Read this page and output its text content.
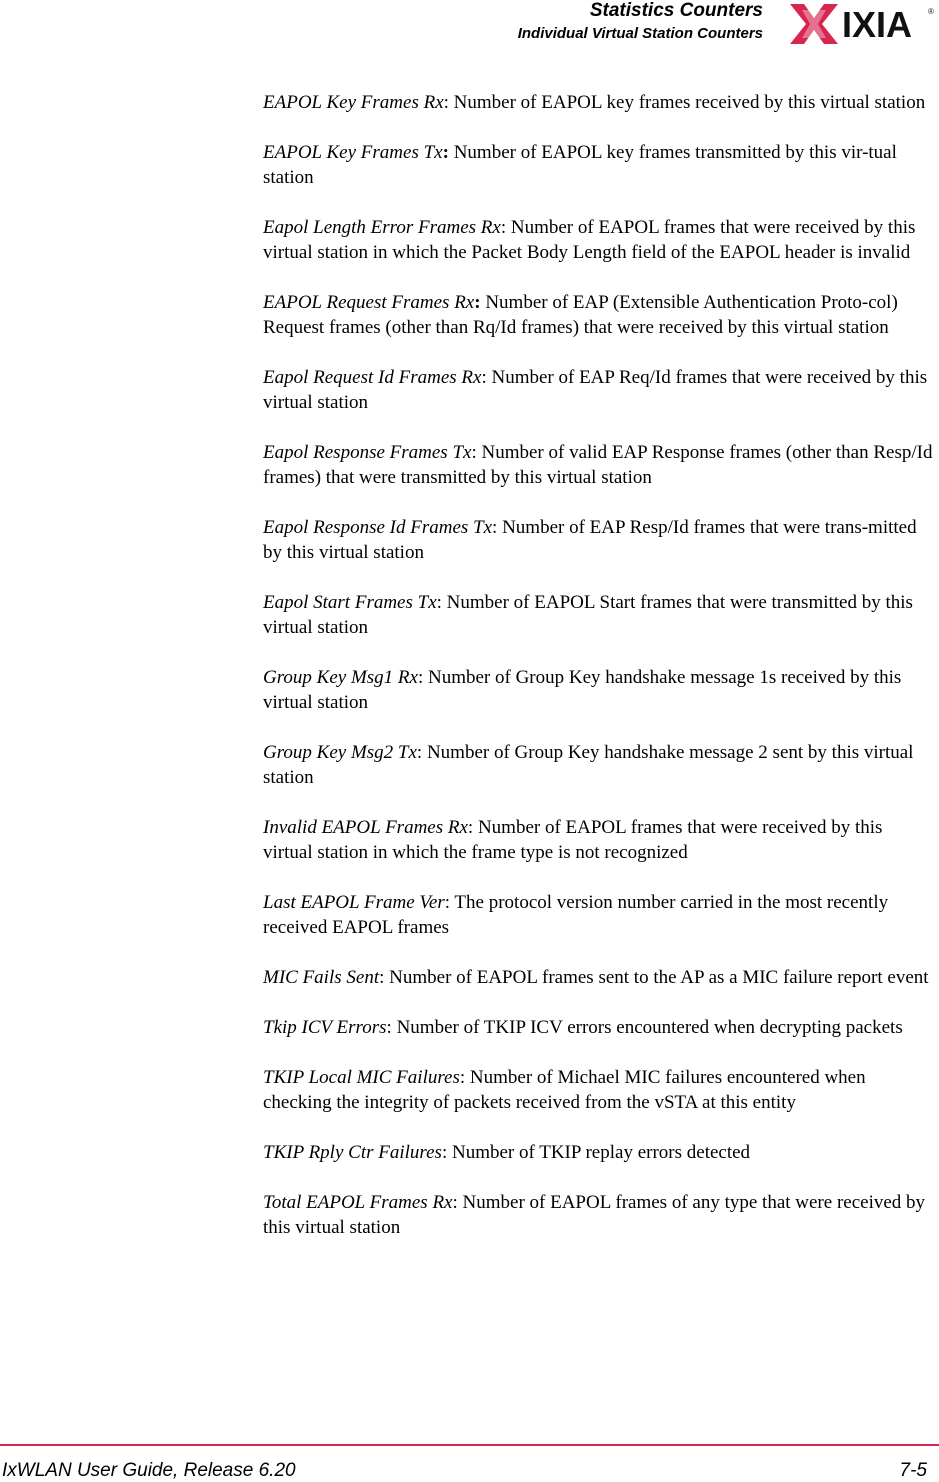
Statistics Counters
Individual Virtual Station Counters IXIA ®

EAPOL Key Frames Rx: Number of EAPOL key frames received by this virtual station

EAPOL Key Frames Tx: Number of EAPOL key frames transmitted by this vir-tual station

Eapol Length Error Frames Rx: Number of EAPOL frames that were received by this virtual station in which the Packet Body Length field of the EAPOL header is invalid

EAPOL Request Frames Rx: Number of EAP (Extensible Authentication Proto-col) Request frames (other than Rq/Id frames) that were received by this virtual station

Eapol Request Id Frames Rx: Number of EAP Req/Id frames that were received by this virtual station

Eapol Response Frames Tx: Number of valid EAP Response frames (other than Resp/Id frames) that were transmitted by this virtual station

Eapol Response Id Frames Tx: Number of EAP Resp/Id frames that were trans-mitted by this virtual station

Eapol Start Frames Tx: Number of EAPOL Start frames that were transmitted by this virtual station

Group Key Msg1 Rx: Number of Group Key handshake message 1s received by this virtual station

Group Key Msg2 Tx: Number of Group Key handshake message 2 sent by this virtual station

Invalid EAPOL Frames Rx: Number of EAPOL frames that were received by this virtual station in which the frame type is not recognized

Last EAPOL Frame Ver: The protocol version number carried in the most recently received EAPOL frames

MIC Fails Sent: Number of EAPOL frames sent to the AP as a MIC failure report event

Tkip ICV Errors: Number of TKIP ICV errors encountered when decrypting packets

TKIP Local MIC Failures: Number of Michael MIC failures encountered when checking the integrity of packets received from the vSTA at this entity

TKIP Rply Ctr Failures: Number of TKIP replay errors detected

Total EAPOL Frames Rx: Number of EAPOL frames of any type that were received by this virtual station

IxWLAN User Guide, Release 6.20	7-5
